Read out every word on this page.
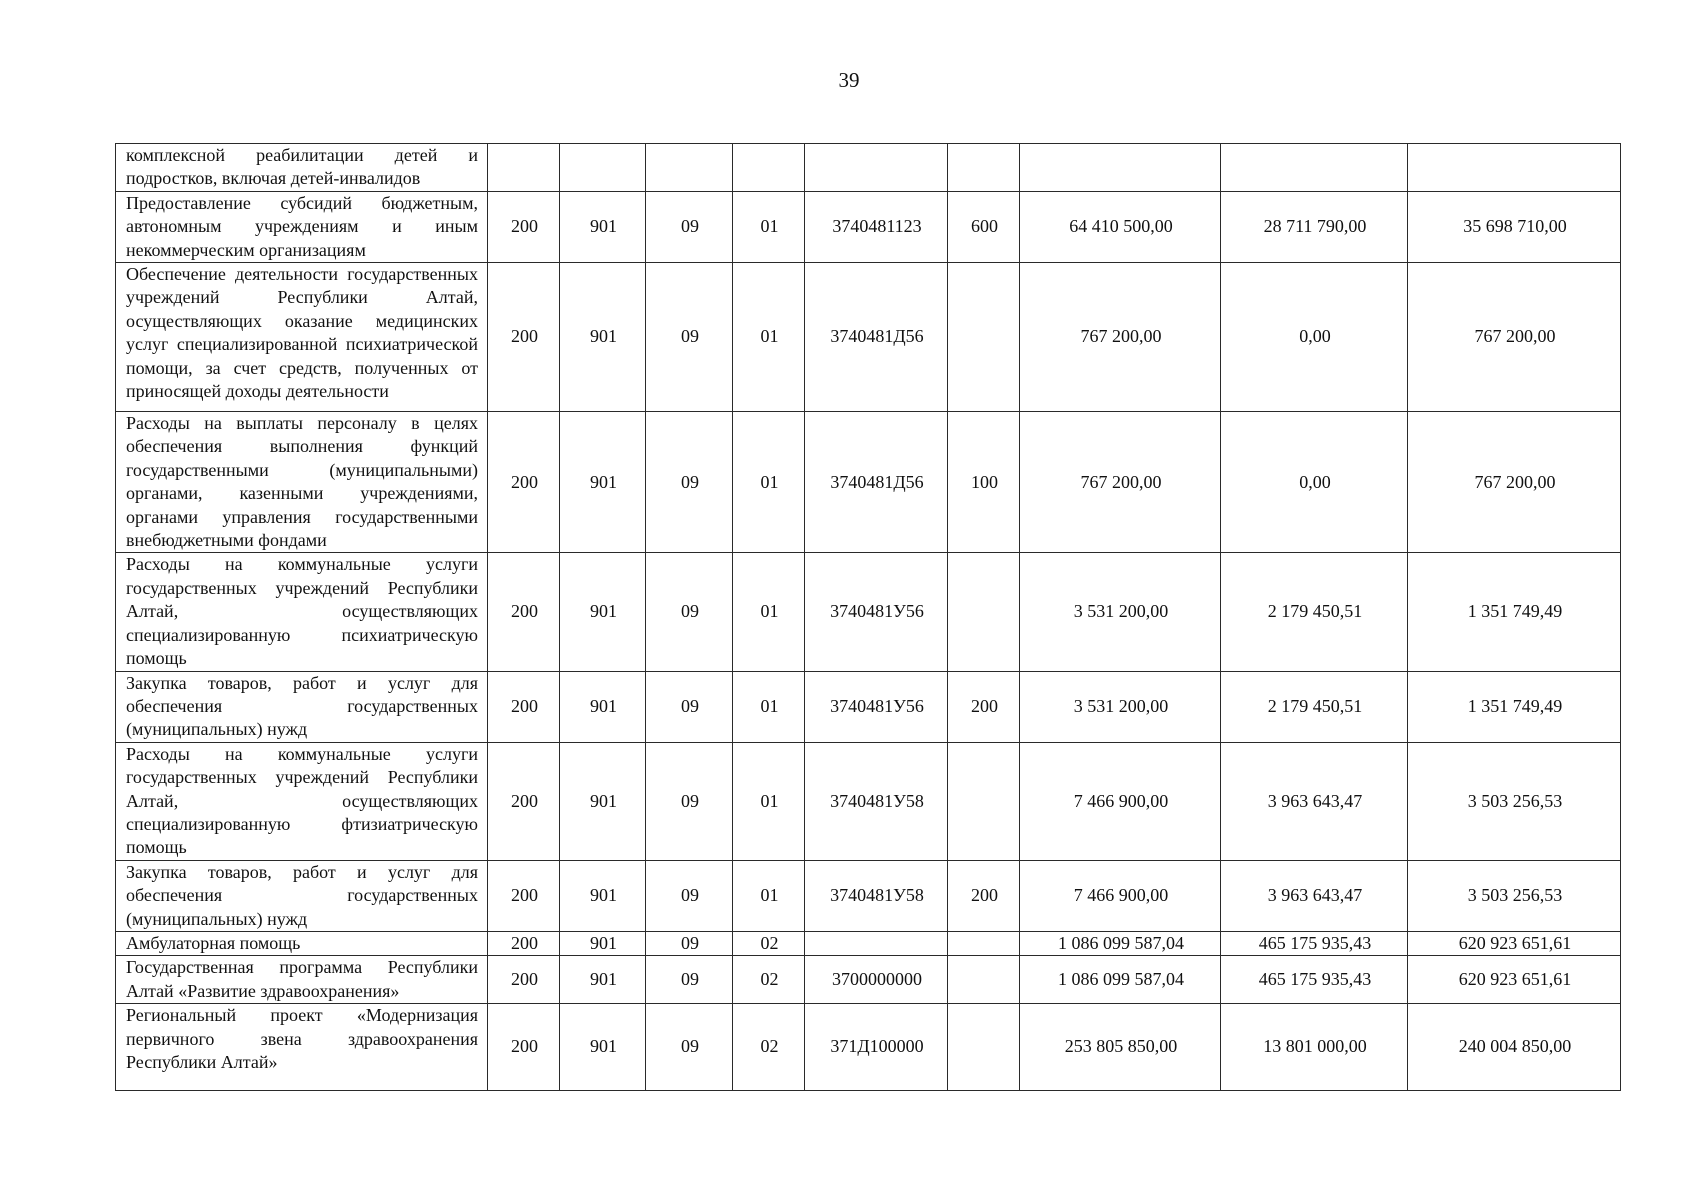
39
комплексной реабилитации детей и подростков, включая детей-инвалидов									
Предоставление субсидий бюджетным, автономным учреждениям и иным некоммерческим организациям	200	901	09	01	3740481123	600	64 410 500,00	28 711 790,00	35 698 710,00
Обеспечение деятельности государственных учреждений Республики Алтай, осуществляющих оказание медицинских услуг специализированной психиатрической помощи, за счет средств, полученных от приносящей доходы деятельности	200	901	09	01	3740481Д56		767 200,00	0,00	767 200,00
Расходы на выплаты персоналу в целях обеспечения выполнения функций государственными (муниципальными) органами, казенными учреждениями, органами управления государственными внебюджетными фондами	200	901	09	01	3740481Д56	100	767 200,00	0,00	767 200,00
Расходы на коммунальные услуги государственных учреждений Республики Алтай, осуществляющих специализированную психиатрическую помощь	200	901	09	01	3740481У56		3 531 200,00	2 179 450,51	1 351 749,49
Закупка товаров, работ и услуг для обеспечения государственных (муниципальных) нужд	200	901	09	01	3740481У56	200	3 531 200,00	2 179 450,51	1 351 749,49
Расходы на коммунальные услуги государственных учреждений Республики Алтай, осуществляющих специализированную фтизиатрическую помощь	200	901	09	01	3740481У58		7 466 900,00	3 963 643,47	3 503 256,53
Закупка товаров, работ и услуг для обеспечения государственных (муниципальных) нужд	200	901	09	01	3740481У58	200	7 466 900,00	3 963 643,47	3 503 256,53
Амбулаторная помощь	200	901	09	02			1 086 099 587,04	465 175 935,43	620 923 651,61
Государственная программа Республики Алтай «Развитие здравоохранения»	200	901	09	02	3700000000		1 086 099 587,04	465 175 935,43	620 923 651,61
Региональный проект «Модернизация первичного звена здравоохранения Республики Алтай»	200	901	09	02	371Д100000		253 805 850,00	13 801 000,00	240 004 850,00
